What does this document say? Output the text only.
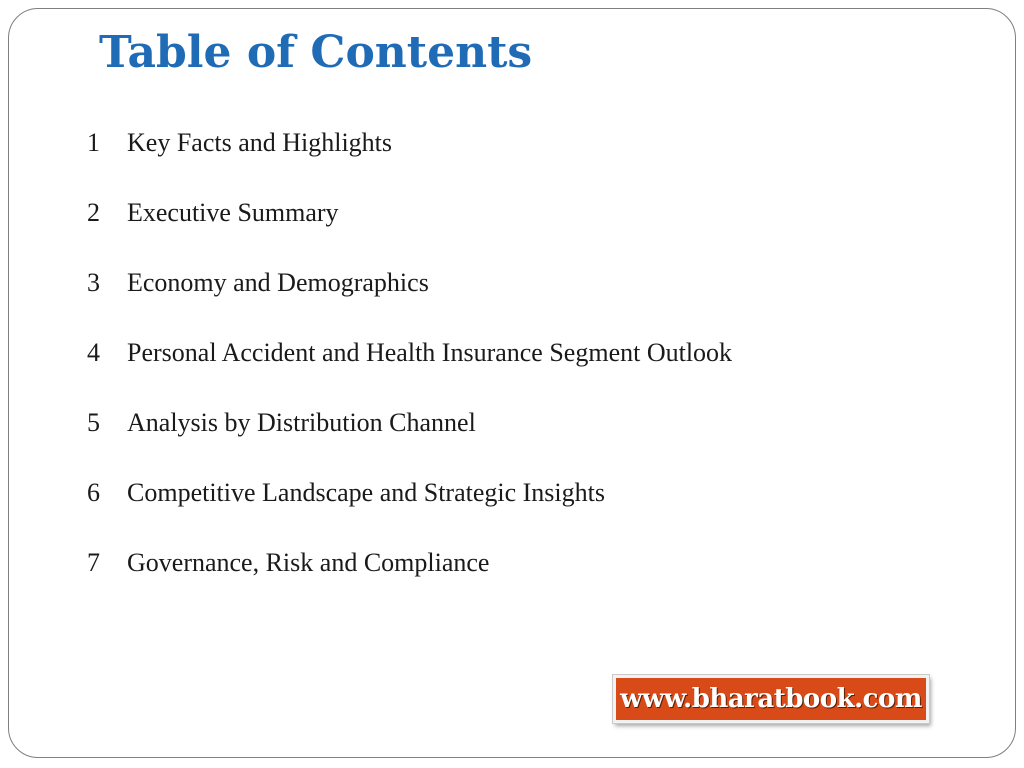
Table of Contents
1	Key Facts and Highlights
2	Executive Summary
3	Economy and Demographics
4	Personal Accident and Health Insurance Segment Outlook
5	Analysis by Distribution Channel
6	Competitive Landscape and Strategic Insights
7	Governance, Risk and Compliance
www.bharatbook.com
